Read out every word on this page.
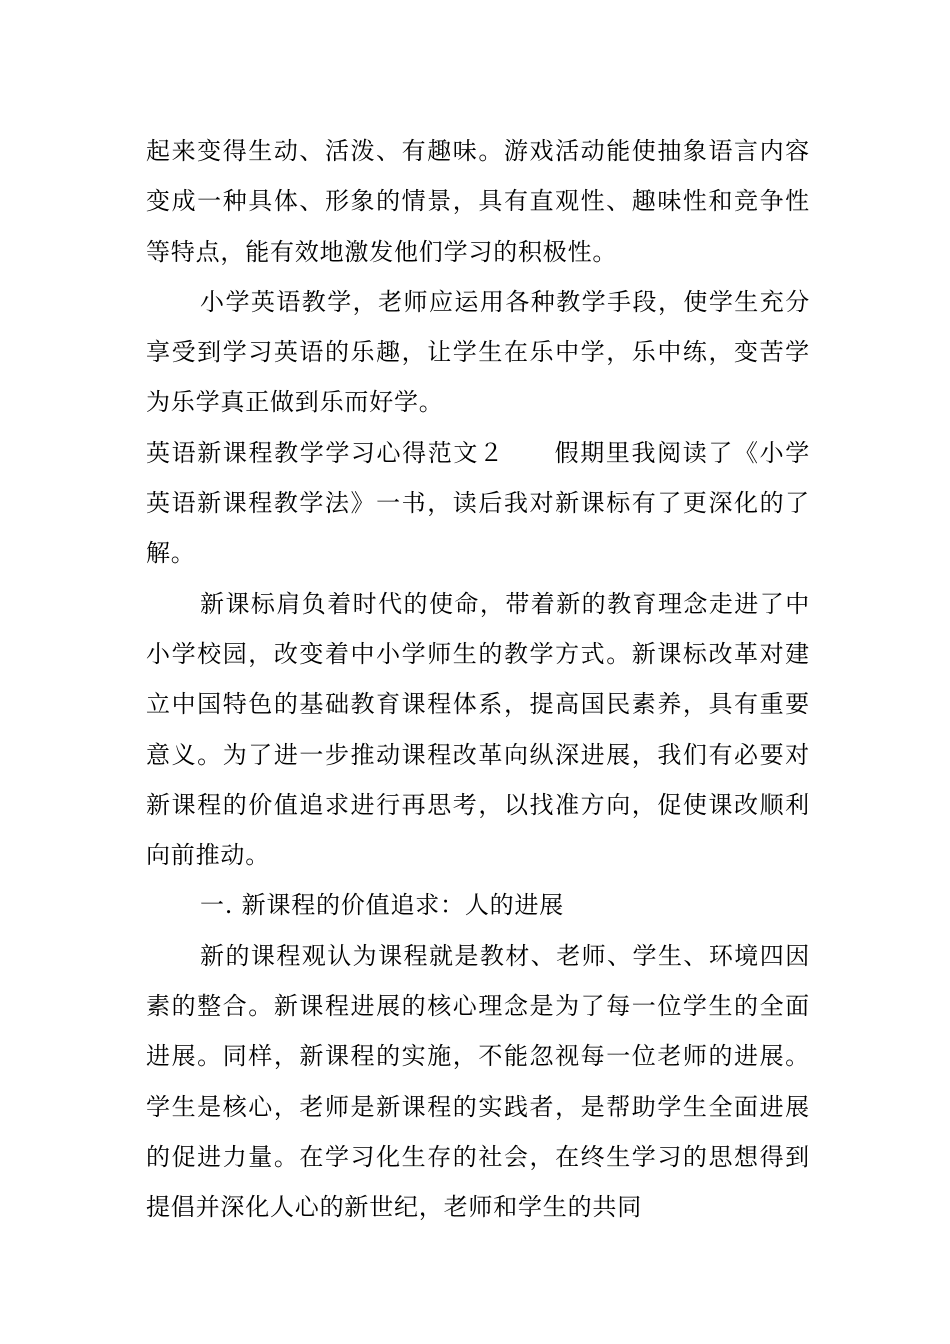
起来变得生动、活泼、有趣味。游戏活动能使抽象语言内容变成一种具体、形象的情景，具有直观性、趣味性和竞争性等特点，能有效地激发他们学习的积极性。

小学英语教学，老师应运用各种教学手段，使学生充分享受到学习英语的乐趣，让学生在乐中学，乐中练，变苦学为乐学真正做到乐而好学。

英语新课程教学学习心得范文２ 假期里我阅读了《小学英语新课程教学法》一书，读后我对新课标有了更深化的了解。

新课标肩负着时代的使命，带着新的教育理念走进了中小学校园，改变着中小学师生的教学方式。新课标改革对建立中国特色的基础教育课程体系，提高国民素养，具有重要意义。为了进一步推动课程改革向纵深进展，我们有必要对新课程的价值追求进行再思考，以找准方向，促使课改顺利向前推动。

一. 新课程的价值追求：人的进展

新的课程观认为课程就是教材、老师、学生、环境四因素的整合。新课程进展的核心理念是为了每一位学生的全面进展。同样，新课程的实施，不能忽视每一位老师的进展。学生是核心，老师是新课程的实践者，是帮助学生全面进展的促进力量。在学习化生存的社会，在终生学习的思想得到提倡并深化人心的新世纪，老师和学生的共同
